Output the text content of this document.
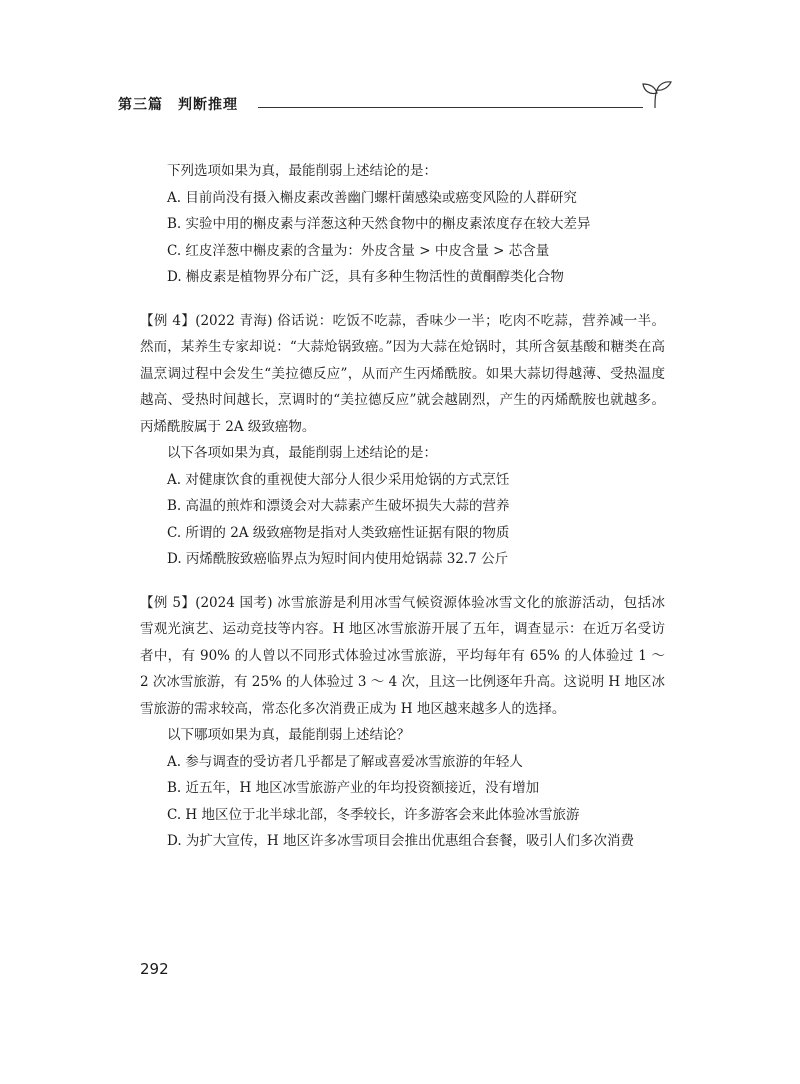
第三篇　判断推理

下列选项如果为真，最能削弱上述结论的是：

A. 目前尚没有摄入槲皮素改善幽门螺杆菌感染或癌变风险的人群研究

B. 实验中用的槲皮素与洋葱这种天然食物中的槲皮素浓度存在较大差异

C. 红皮洋葱中槲皮素的含量为：外皮含量 > 中皮含量 > 芯含量

D. 槲皮素是植物界分布广泛，具有多种生物活性的黄酮醇类化合物

【例 4】(2022 青海) 俗话说：吃饭不吃蒜，香味少一半；吃肉不吃蒜，营养减一半。然而，某养生专家却说：“大蒜炝锅致癌。”因为大蒜在炝锅时，其所含氨基酸和糖类在高温烹调过程中会发生“美拉德反应”，从而产生丙烯酰胺。如果大蒜切得越薄、受热温度越高、受热时间越长，烹调时的“美拉德反应”就会越剧烈，产生的丙烯酰胺也就越多。丙烯酰胺属于 2A 级致癌物。

以下各项如果为真，最能削弱上述结论的是：

A. 对健康饮食的重视使大部分人很少采用炝锅的方式烹饪

B. 高温的煎炸和漂烫会对大蒜素产生破坏损失大蒜的营养

C. 所谓的 2A 级致癌物是指对人类致癌性证据有限的物质

D. 丙烯酰胺致癌临界点为短时间内使用炝锅蒜 32.7 公斤

【例 5】(2024 国考) 冰雪旅游是利用冰雪气候资源体验冰雪文化的旅游活动，包括冰雪观光演艺、运动竞技等内容。H 地区冰雪旅游开展了五年，调查显示：在近万名受访者中，有 90% 的人曾以不同形式体验过冰雪旅游，平均每年有 65% 的人体验过 1 ～ 2 次冰雪旅游，有 25% 的人体验过 3 ～ 4 次，且这一比例逐年升高。这说明 H 地区冰雪旅游的需求较高，常态化多次消费正成为 H 地区越来越多人的选择。

以下哪项如果为真，最能削弱上述结论？

A. 参与调查的受访者几乎都是了解或喜爱冰雪旅游的年轻人

B. 近五年，H 地区冰雪旅游产业的年均投资额接近，没有增加

C. H 地区位于北半球北部，冬季较长，许多游客会来此体验冰雪旅游

D. 为扩大宣传，H 地区许多冰雪项目会推出优惠组合套餐，吸引人们多次消费

292
